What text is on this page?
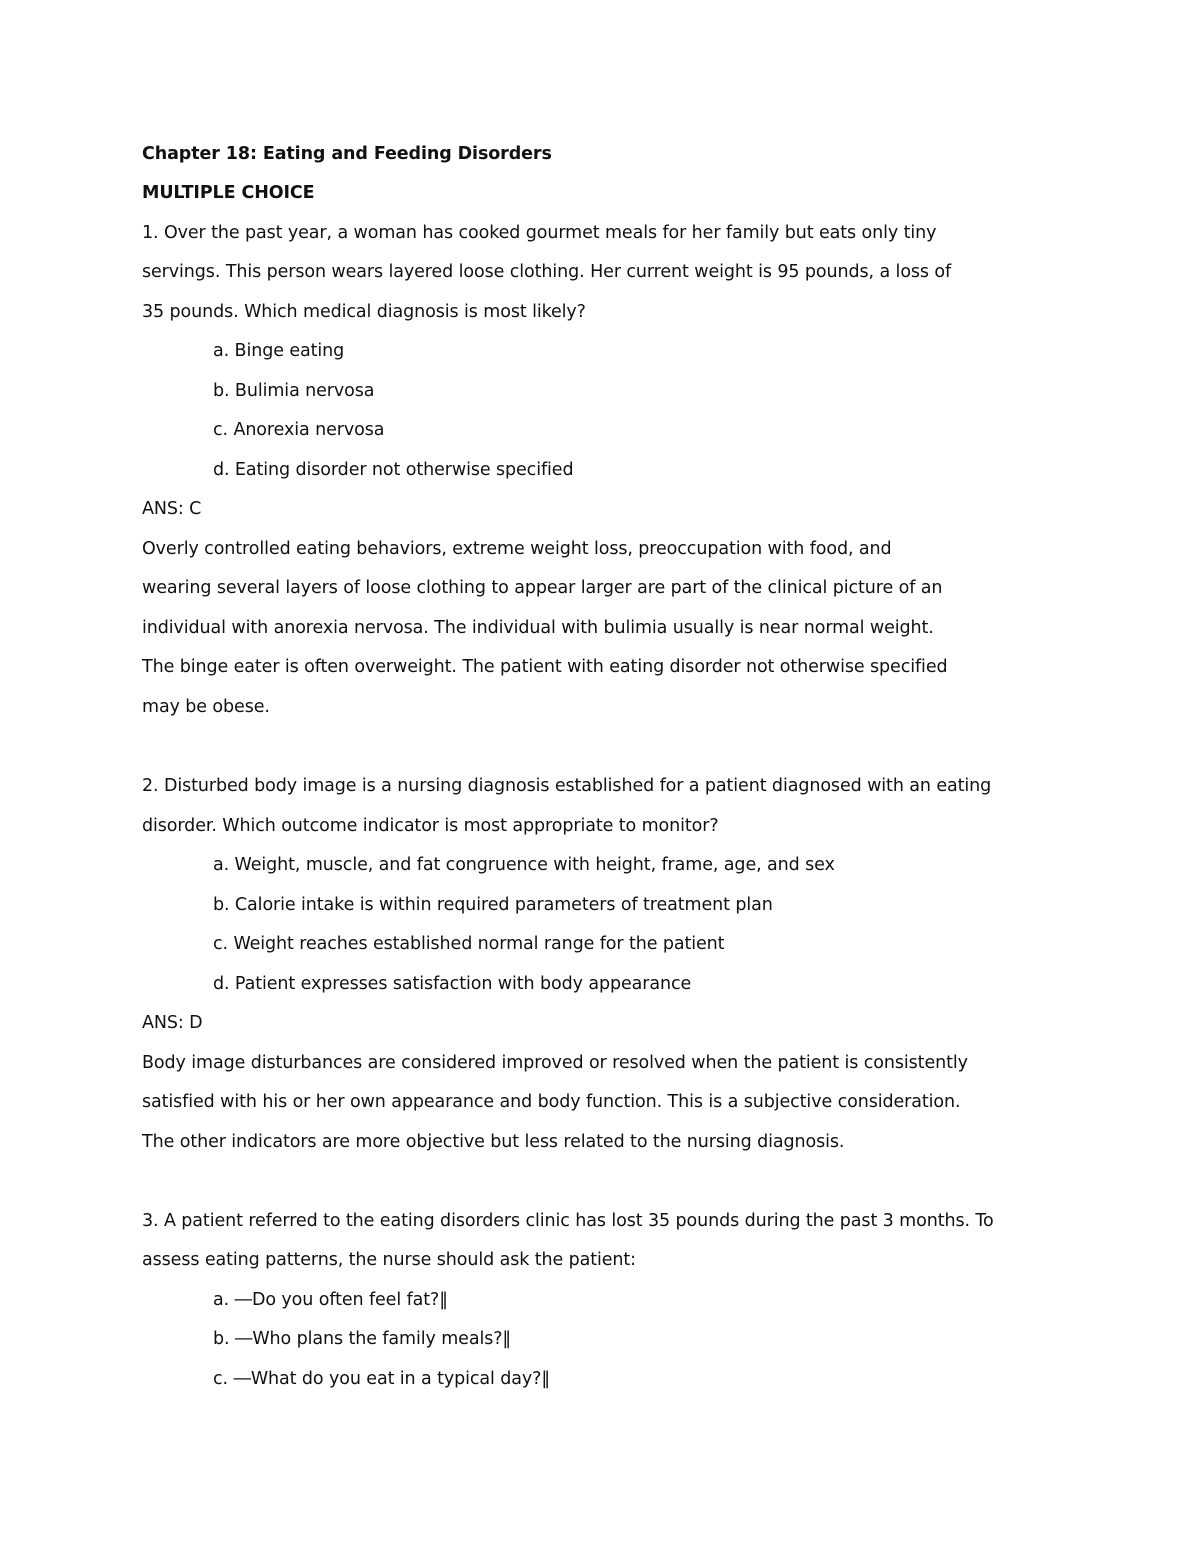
Chapter 18: Eating and Feeding Disorders
MULTIPLE CHOICE
1. Over the past year, a woman has cooked gourmet meals for her family but eats only tiny
servings. This person wears layered loose clothing. Her current weight is 95 pounds, a loss of
35 pounds. Which medical diagnosis is most likely?
a. Binge eating
b. Bulimia nervosa
c. Anorexia nervosa
d. Eating disorder not otherwise specified
ANS: C
Overly controlled eating behaviors, extreme weight loss, preoccupation with food, and
wearing several layers of loose clothing to appear larger are part of the clinical picture of an
individual with anorexia nervosa. The individual with bulimia usually is near normal weight.
The binge eater is often overweight. The patient with eating disorder not otherwise specified
may be obese.
2. Disturbed body image is a nursing diagnosis established for a patient diagnosed with an eating
disorder. Which outcome indicator is most appropriate to monitor?
a. Weight, muscle, and fat congruence with height, frame, age, and sex
b. Calorie intake is within required parameters of treatment plan
c. Weight reaches established normal range for the patient
d. Patient expresses satisfaction with body appearance
ANS: D
Body image disturbances are considered improved or resolved when the patient is consistently
satisfied with his or her own appearance and body function. This is a subjective consideration.
The other indicators are more objective but less related to the nursing diagnosis.
3. A patient referred to the eating disorders clinic has lost 35 pounds during the past 3 months. To
assess eating patterns, the nurse should ask the patient:
a. ―Do you often feel fat?‖
b. ―Who plans the family meals?‖
c. ―What do you eat in a typical day?‖
